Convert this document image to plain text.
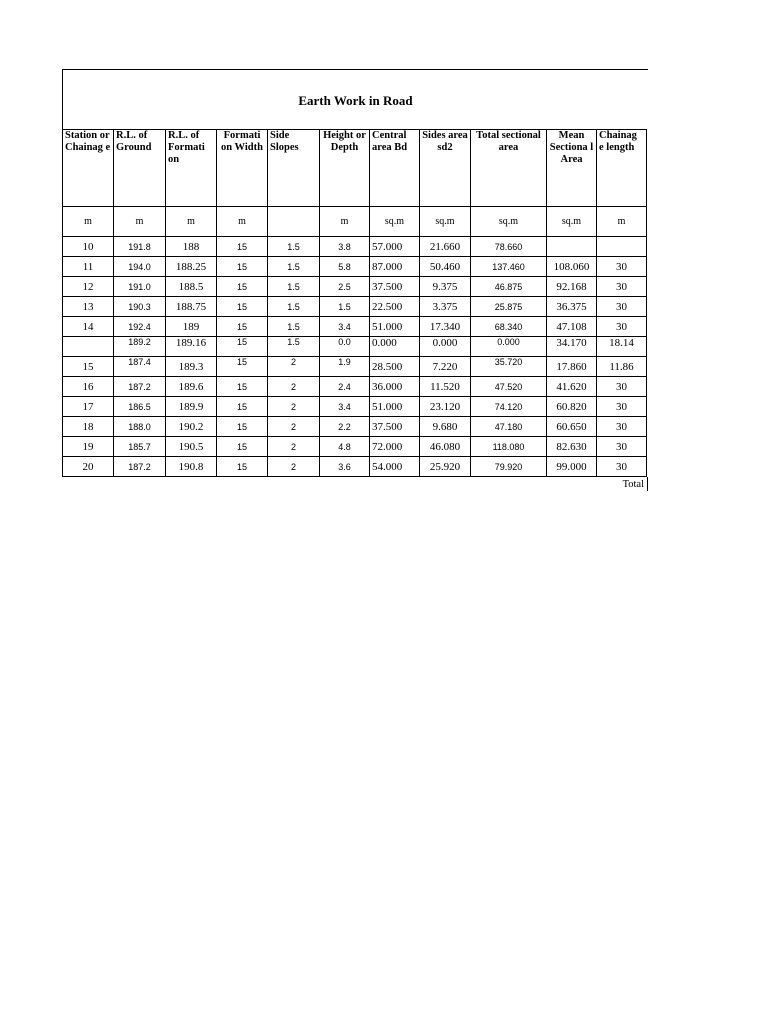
Earth Work in Road
Station or Chainag e	R.L. of Ground	R.L. of Formati on	Formati on Width	Side Slopes	Height or Depth	Central area Bd	Sides area sd2	Total sectional area	Mean Sectiona l Area	Chainag e length
m	m	m	m		m	sq.m	sq.m	sq.m	sq.m	m
10	191.8	188	15	1.5	3.8	57.000	21.660	78.660		
11	194.0	188.25	15	1.5	5.8	87.000	50.460	137.460	108.060	30
12	191.0	188.5	15	1.5	2.5	37.500	9.375	46.875	92.168	30
13	190.3	188.75	15	1.5	1.5	22.500	3.375	25.875	36.375	30
14	192.4	189	15	1.5	3.4	51.000	17.340	68.340	47.108	30
	189.2	189.16	15	1.5	0.0	0.000	0.000	0.000	34.170	18.14
15	187.4	189.3	15	2	1.9	28.500	7.220	35.720	17.860	11.86
16	187.2	189.6	15	2	2.4	36.000	11.520	47.520	41.620	30
17	186.5	189.9	15	2	3.4	51.000	23.120	74.120	60.820	30
18	188.0	190.2	15	2	2.2	37.500	9.680	47.180	60.650	30
19	185.7	190.5	15	2	4.8	72.000	46.080	118.080	82.630	30
20	187.2	190.8	15	2	3.6	54.000	25.920	79.920	99.000	30
Total
